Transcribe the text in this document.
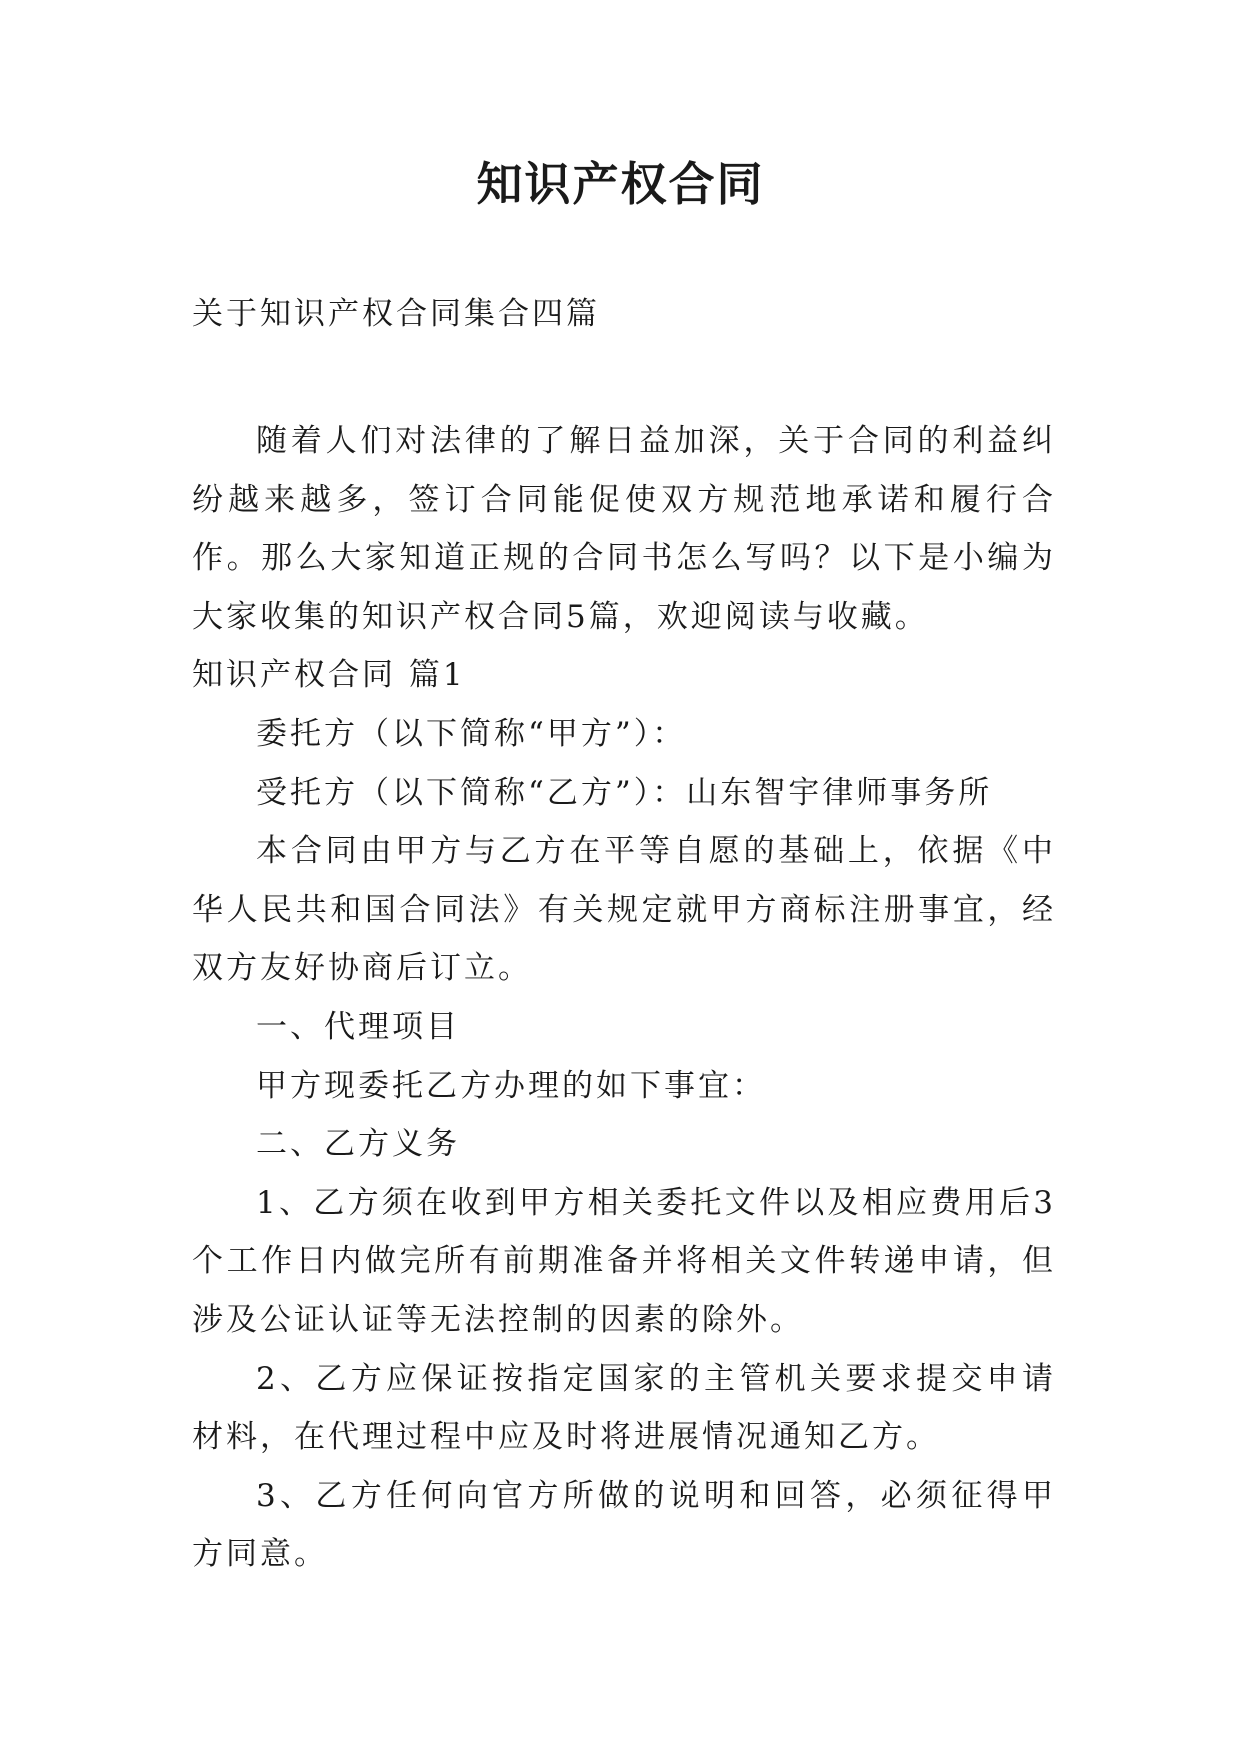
知识产权合同
关于知识产权合同集合四篇

随着人们对法律的了解日益加深，关于合同的利益纠纷越来越多，签订合同能促使双方规范地承诺和履行合作。那么大家知道正规的合同书怎么写吗？以下是小编为大家收集的知识产权合同5篇，欢迎阅读与收藏。

知识产权合同 篇1

委托方（以下简称“甲方”）：

受托方（以下简称“乙方”）：山东智宇律师事务所

本合同由甲方与乙方在平等自愿的基础上，依据《中华人民共和国合同法》有关规定就甲方商标注册事宜，经双方友好协商后订立。

一、代理项目

甲方现委托乙方办理的如下事宜：

二、乙方义务

1、乙方须在收到甲方相关委托文件以及相应费用后3个工作日内做完所有前期准备并将相关文件转递申请，但涉及公证认证等无法控制的因素的除外。

2、乙方应保证按指定国家的主管机关要求提交申请材料，在代理过程中应及时将进展情况通知乙方。

3、乙方任何向官方所做的说明和回答，必须征得甲方同意。
